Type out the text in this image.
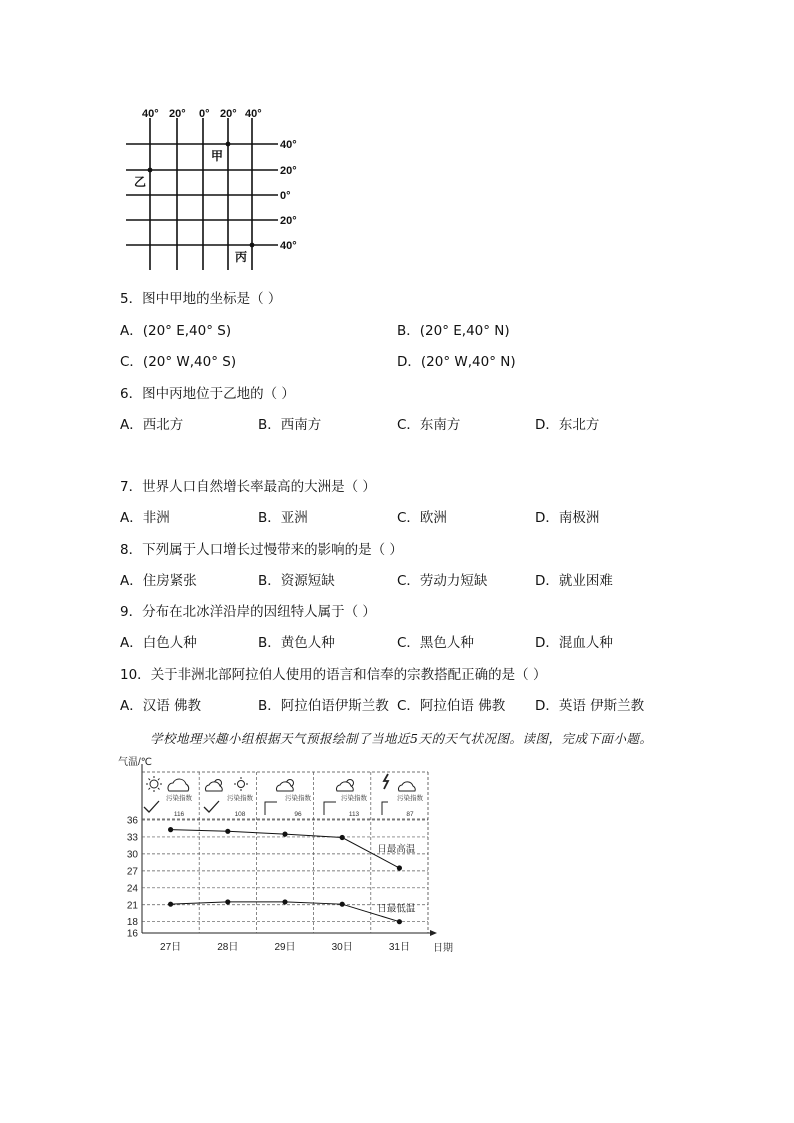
40° 20° 0° 20° 40°
40°
20°
0°
20°
40°
甲
乙
丙
5．图中甲地的坐标是（ ）
A．(20° E,40° S)	B．(20° E,40° N)
C．(20° W,40° S)	D．(20° W,40° N)
6．图中丙地位于乙地的（ ）
A．西北方	B．西南方	C．东南方	D．东北方
7．世界人口自然增长率最高的大洲是（ ）
A．非洲	B．亚洲	C．欧洲	D．南极洲
8．下列属于人口增长过慢带来的影响的是（ ）
A．住房紧张	B．资源短缺	C．劳动力短缺	D．就业困难
9．分布在北冰洋沿岸的因纽特人属于（ ）
A．白色人种	B．黄色人种	C．黑色人种	D．混血人种
10．关于非洲北部阿拉伯人使用的语言和信奉的宗教搭配正确的是（ ）
A．汉语 佛教	B．阿拉伯语伊斯兰教 C．阿拉伯语 佛教 D．英语 伊斯兰教
学校地理兴趣小组根据天气预报绘制了当地近5天的天气状况图。读图，完成下面小题。
气温/℃
日期
污染指数
116
污染指数
108
污染指数
96
污染指数
113
污染指数
87
16
18
21
24
27
30
33
36
27日	28日	29日	30日	31日
日最高温
日最低温
